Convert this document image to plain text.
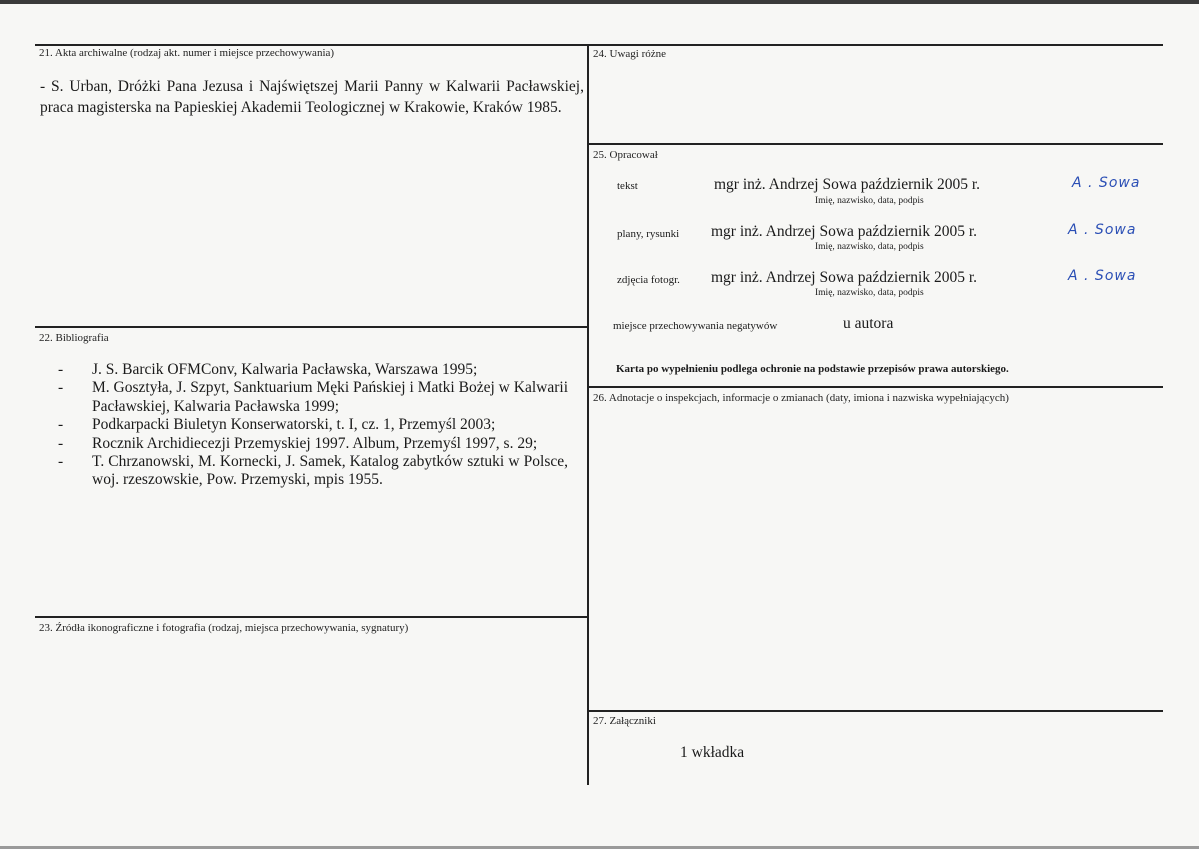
21. Akta archiwalne (rodzaj akt. numer i miejsce przechowywania)
- S. Urban, Dróżki Pana Jezusa i Najświętszej Marii Panny w Kalwarii Pacławskiej, praca magisterska na Papieskiej Akademii Teologicznej w Krakowie, Kraków 1985.
22. Bibliografia
- J. S. Barcik OFMConv, Kalwaria Pacławska, Warszawa 1995;
- M. Gosztyła, J. Szpyt, Sanktuarium Męki Pańskiej i Matki Bożej w Kalwarii Pacławskiej, Kalwaria Pacławska 1999;
- Podkarpacki Biuletyn Konserwatorski, t. I, cz. 1, Przemyśl 2003;
- Rocznik Archidiecezji Przemyskiej 1997. Album, Przemyśl 1997, s. 29;
- T. Chrzanowski, M. Kornecki, J. Samek, Katalog zabytków sztuki w Polsce, woj. rzeszowskie, Pow. Przemyski, mpis 1955.
23. Źródła ikonograficzne i fotografia (rodzaj, miejsca przechowywania, sygnatury)
24. Uwagi różne
25. Opracował
tekst	mgr inż. Andrzej Sowa październik 2005 r.	A . Sowa
Imię, nazwisko, data, podpis
plany, rysunki mgr inż. Andrzej Sowa październik 2005 r.	A . Sowa
Imię, nazwisko, data, podpis
zdjęcia fotogr. mgr inż. Andrzej Sowa październik 2005 r.	A . Sowa
Imię, nazwisko, data, podpis
miejsce przechowywania negatywów	u autora
Karta po wypełnieniu podlega ochronie na podstawie przepisów prawa autorskiego.
26. Adnotacje o inspekcjach, informacje o zmianach (daty, imiona i nazwiska wypełniających)
27. Załączniki
1 wkładka
